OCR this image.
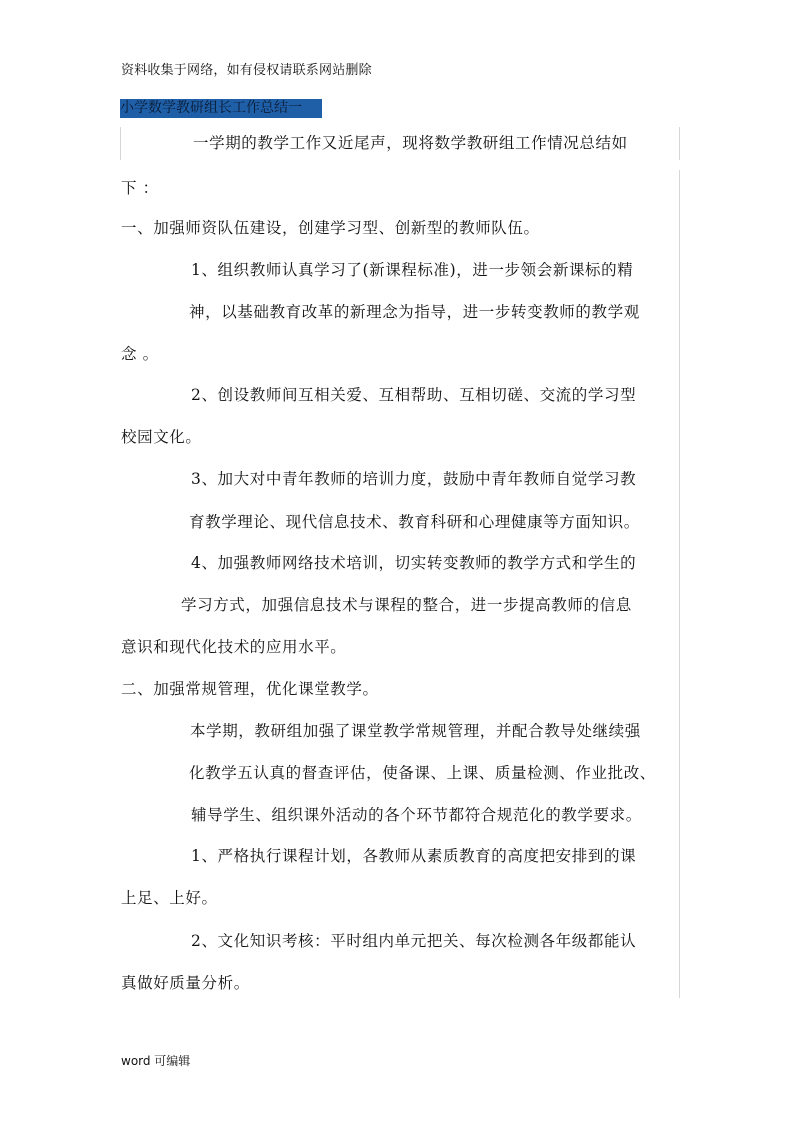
资料收集于网络，如有侵权请联系网站删除
小学数学教研组长工作总结一
一学期的教学工作又近尾声，现将数学教研组工作情况总结如
下 ：
一、加强师资队伍建设，创建学习型、创新型的教师队伍。
1、组织教师认真学习了(新课程标准)，进一步领会新课标的精
神，以基础教育改革的新理念为指导，进一步转变教师的教学观
念 。
2、创设教师间互相关爱、互相帮助、互相切磋、交流的学习型
校园文化。
3、加大对中青年教师的培训力度，鼓励中青年教师自觉学习教
育教学理论、现代信息技术、教育科研和心理健康等方面知识。
4、加强教师网络技术培训，切实转变教师的教学方式和学生的
学习方式，加强信息技术与课程的整合，进一步提高教师的信息
意识和现代化技术的应用水平。
二、加强常规管理，优化课堂教学。
本学期，教研组加强了课堂教学常规管理，并配合教导处继续强
化教学五认真的督查评估，使备课、上课、质量检测、作业批改、
辅导学生、组织课外活动的各个环节都符合规范化的教学要求。
1、严格执行课程计划，各教师从素质教育的高度把安排到的课
上足、上好。
2、文化知识考核：平时组内单元把关、每次检测各年级都能认
真做好质量分析。
word 可编辑
